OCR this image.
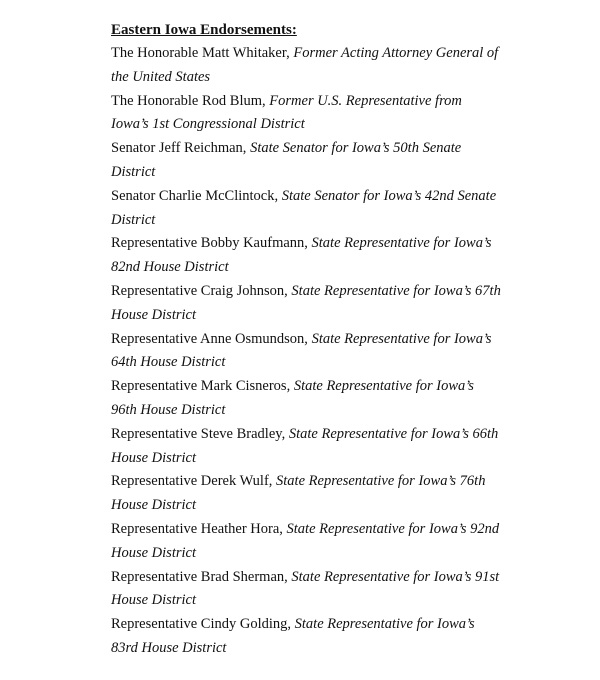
Eastern Iowa Endorsements:
The Honorable Matt Whitaker, Former Acting Attorney General of the United States
The Honorable Rod Blum, Former U.S. Representative from Iowa’s 1st Congressional District
Senator Jeff Reichman, State Senator for Iowa’s 50th Senate District
Senator Charlie McClintock, State Senator for Iowa’s 42nd Senate District
Representative Bobby Kaufmann, State Representative for Iowa’s 82nd House District
Representative Craig Johnson, State Representative for Iowa’s 67th House District
Representative Anne Osmundson, State Representative for Iowa’s 64th House District
Representative Mark Cisneros, State Representative for Iowa’s 96th House District
Representative Steve Bradley, State Representative for Iowa’s 66th House District
Representative Derek Wulf, State Representative for Iowa’s 76th House District
Representative Heather Hora, State Representative for Iowa’s 92nd House District
Representative Brad Sherman, State Representative for Iowa’s 91st House District
Representative Cindy Golding, State Representative for Iowa’s 83rd House District
